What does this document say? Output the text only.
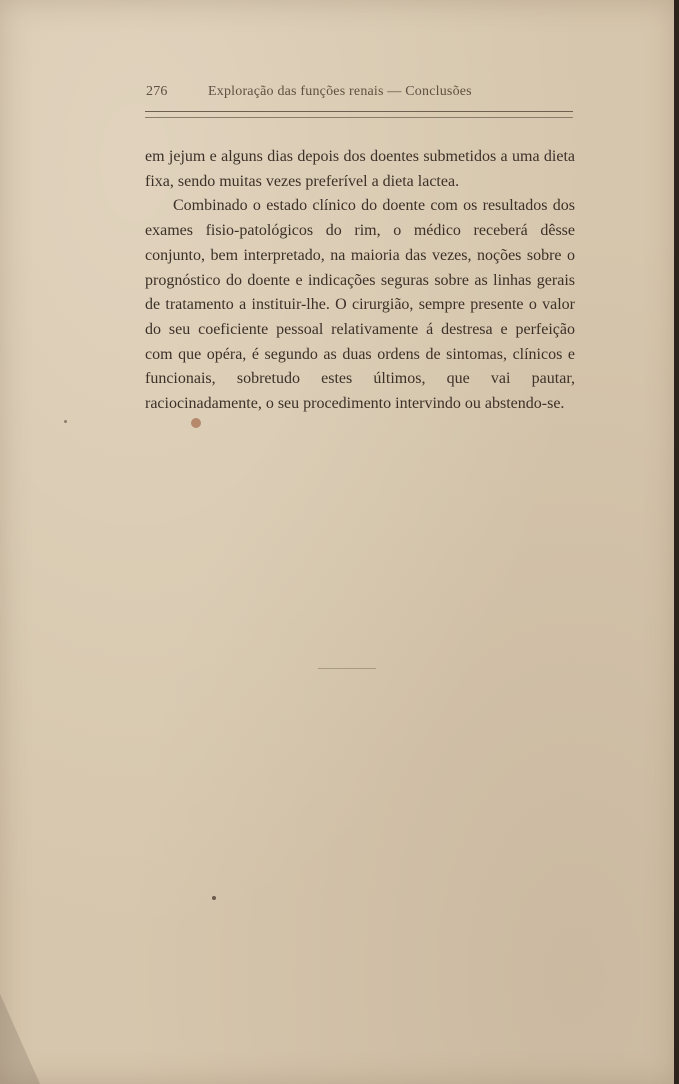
276	Exploração das funções renais — Conclusões

em jejum e alguns dias depois dos doentes submetidos a uma dieta fixa, sendo muitas vezes preferível a dieta lactea.

Combinado o estado clínico do doente com os resultados dos exames fisio-patológicos do rim, o médico receberá dêsse conjunto, bem interpretado, na maioria das vezes, noções sobre o prognóstico do doente e indicações seguras sobre as linhas gerais de tratamento a instituir-lhe. O cirurgião, sempre presente o valor do seu coeficiente pessoal relativamente á destresa e perfeição com que opéra, é segundo as duas ordens de sintomas, clínicos e funcionais, sobretudo estes últimos, que vai pautar, raciocinadamente, o seu procedimento intervindo ou abstendo-se.
